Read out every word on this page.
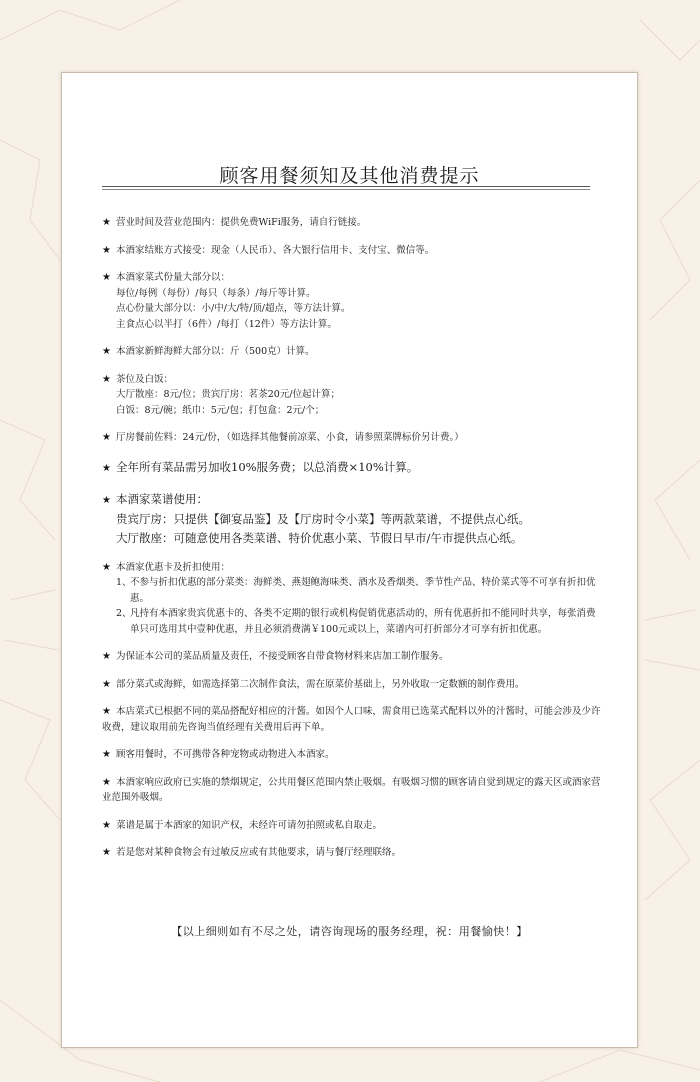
顾客用餐须知及其他消费提示
★ 营业时间及营业范围内：提供免费WiFi服务，请自行链接。
★ 本酒家结账方式接受：现金（人民币）、各大银行信用卡、支付宝、微信等。
★ 本酒家菜式份量大部分以：
每位/每例（每份）/每只（每条）/每斤等计算。
点心份量大部分以：小/中/大/特/顶/超点，等方法计算。
主食点心以半打（6件）/每打（12件）等方法计算。
★ 本酒家新鲜海鲜大部分以：斤（500克）计算。
★ 茶位及白饭：
大厅散座：8元/位；贵宾厅房：茗茶20元/位起计算；
白饭：8元/碗；纸巾：5元/包；打包盒：2元/个；
★ 厅房餐前佐料：24元/份，（如选择其他餐前凉菜、小食，请参照菜牌标价另计费。）
★ 全年所有菜品需另加收10%服务费；以总消费×10%计算。
★ 本酒家菜谱使用：
贵宾厅房：只提供【御宴品鉴】及【厅房时令小菜】等两款菜谱，不提供点心纸。
大厅散座：可随意使用各类菜谱、特价优惠小菜、节假日早市/午市提供点心纸。
★ 本酒家优惠卡及折扣使用：
1、
不参与折扣优惠的部分菜类：海鲜类、燕翅鲍海味类、酒水及香烟类、季节性产品、特价菜式等不可享有折扣优惠。
2、
凡持有本酒家贵宾优惠卡的、各类不定期的银行或机构促销优惠活动的，所有优惠折扣不能同时共享，每张消费单只可选用其中壹种优惠，并且必须消费满￥100元或以上，菜谱内可打折部分才可享有折扣优惠。
★ 为保证本公司的菜品质量及责任，不接受顾客自带食物材料来店加工制作服务。
★ 部分菜式或海鲜，如需选择第二次制作食法，需在原菜价基础上，另外收取一定数额的制作费用。
★ 本店菜式已根据不同的菜品搭配好相应的汁酱。如因个人口味，需食用已选菜式配料以外的汁酱时，可能会涉及少许收费，建议取用前先咨询当值经理有关费用后再下单。
★ 顾客用餐时，不可携带各种宠物或动物进入本酒家。
★ 本酒家响应政府已实施的禁烟规定，公共用餐区范围内禁止吸烟。有吸烟习惯的顾客请自觉到规定的露天区或酒家营业范围外吸烟。
★ 菜谱是属于本酒家的知识产权，未经许可请勿拍照或私自取走。
★ 若是您对某种食物会有过敏反应或有其他要求，请与餐厅经理联络。
【以上细则如有不尽之处，请咨询现场的服务经理，祝：用餐愉快！】
